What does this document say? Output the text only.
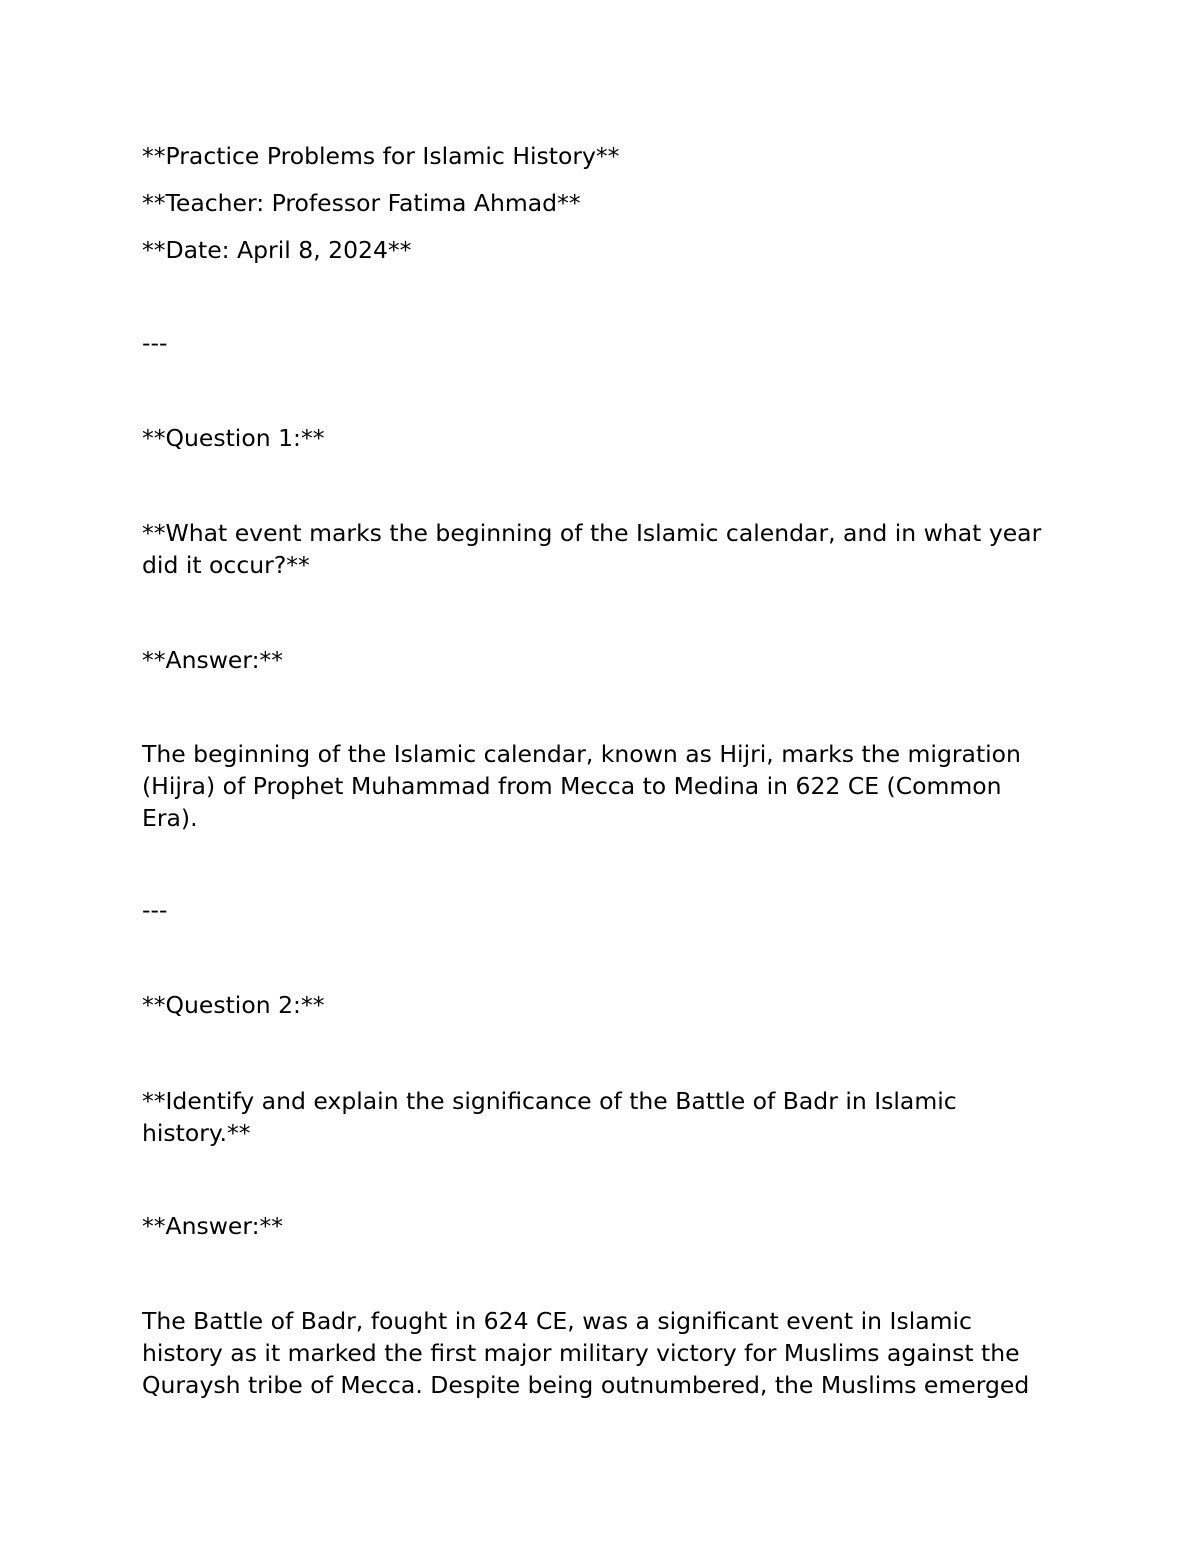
**Practice Problems for Islamic History**

**Teacher: Professor Fatima Ahmad**

**Date: April 8, 2024**

---

**Question 1:**

**What event marks the beginning of the Islamic calendar, and in what year

did it occur?**

**Answer:**

The beginning of the Islamic calendar, known as Hijri, marks the migration

(Hijra) of Prophet Muhammad from Mecca to Medina in 622 CE (Common

Era).

---

**Question 2:**

**Identify and explain the significance of the Battle of Badr in Islamic

history.**

**Answer:**

The Battle of Badr, fought in 624 CE, was a significant event in Islamic

history as it marked the first major military victory for Muslims against the

Quraysh tribe of Mecca. Despite being outnumbered, the Muslims emerged
